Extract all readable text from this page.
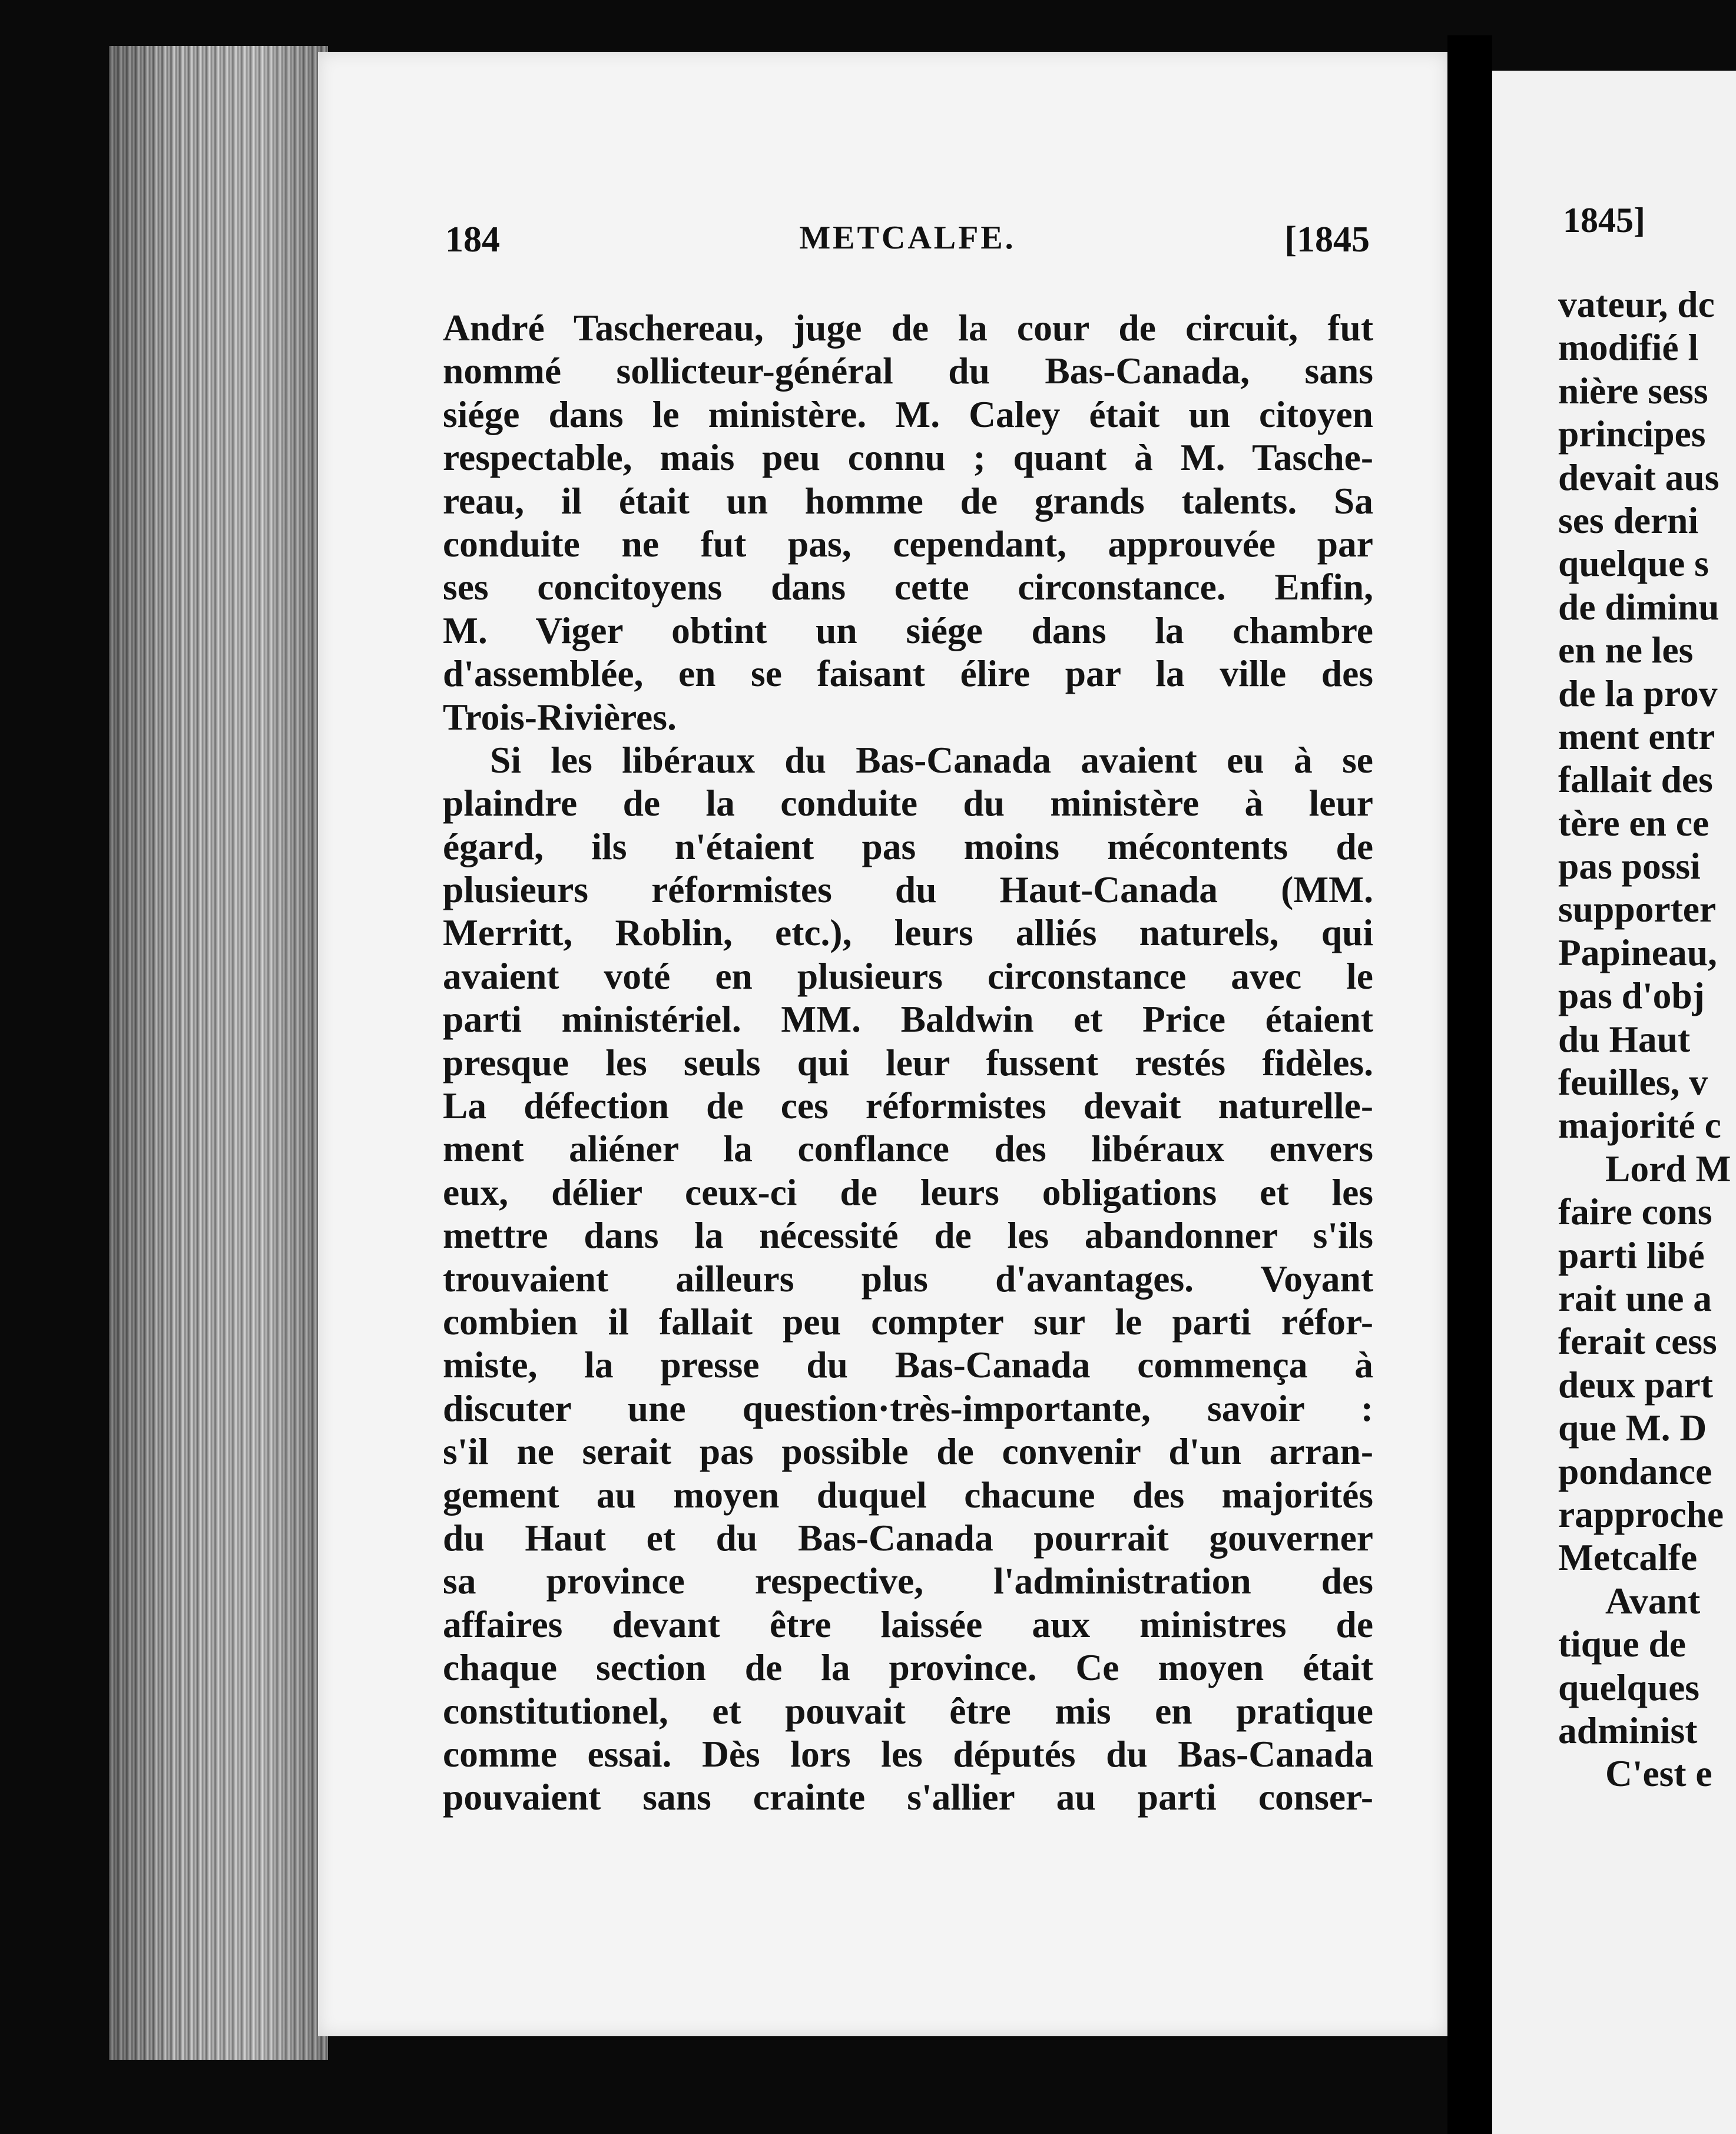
184	METCALFE.	[1845
André Taschereau, juge de la cour de circuit, fut
nommé sollicteur-général du Bas-Canada, sans
siége dans le ministère. M. Caley était un citoyen
respectable, mais peu connu ; quant à M. Tasche-
reau, il était un homme de grands talents. Sa
conduite ne fut pas, cependant, approuvée par
ses concitoyens dans cette circonstance. Enfin,
M. Viger obtint un siége dans la chambre
d'assemblée, en se faisant élire par la ville des
Trois-Rivières.
Si les libéraux du Bas-Canada avaient eu à se
plaindre de la conduite du ministère à leur
égard, ils n'étaient pas moins mécontents de
plusieurs réformistes du Haut-Canada (MM.
Merritt, Roblin, etc.), leurs alliés naturels, qui
avaient voté en plusieurs circonstance avec le
parti ministériel. MM. Baldwin et Price étaient
presque les seuls qui leur fussent restés fidèles.
La défection de ces réformistes devait naturelle-
ment aliéner la conflance des libéraux envers
eux, délier ceux-ci de leurs obligations et les
mettre dans la nécessité de les abandonner s'ils
trouvaient ailleurs plus d'avantages. Voyant
combien il fallait peu compter sur le parti réfor-
miste, la presse du Bas-Canada commença à
discuter une question·très-importante, savoir :
s'il ne serait pas possible de convenir d'un arran-
gement au moyen duquel chacune des majorités
du Haut et du Bas-Canada pourrait gouverner
sa province respective, l'administration des
affaires devant être laissée aux ministres de
chaque section de la province. Ce moyen était
constitutionel, et pouvait être mis en pratique
comme essai. Dès lors les députés du Bas-Canada
pouvaient sans crainte s'allier au parti conser-
1845]
vateur, dc
modifié l
nière sess
principes
devait aus
ses derni
quelque s
de diminu
en ne les
de la prov
ment entr
fallait des
tère en ce
pas possi
supporter
Papineau,
pas d'obj
du Haut
feuilles, v
majorité c
Lord M
faire cons
parti libé
rait une a
ferait cess
deux part
que M. D
pondance
rapproche
Metcalfe
Avant
tique de
quelques
administ
C'est e
